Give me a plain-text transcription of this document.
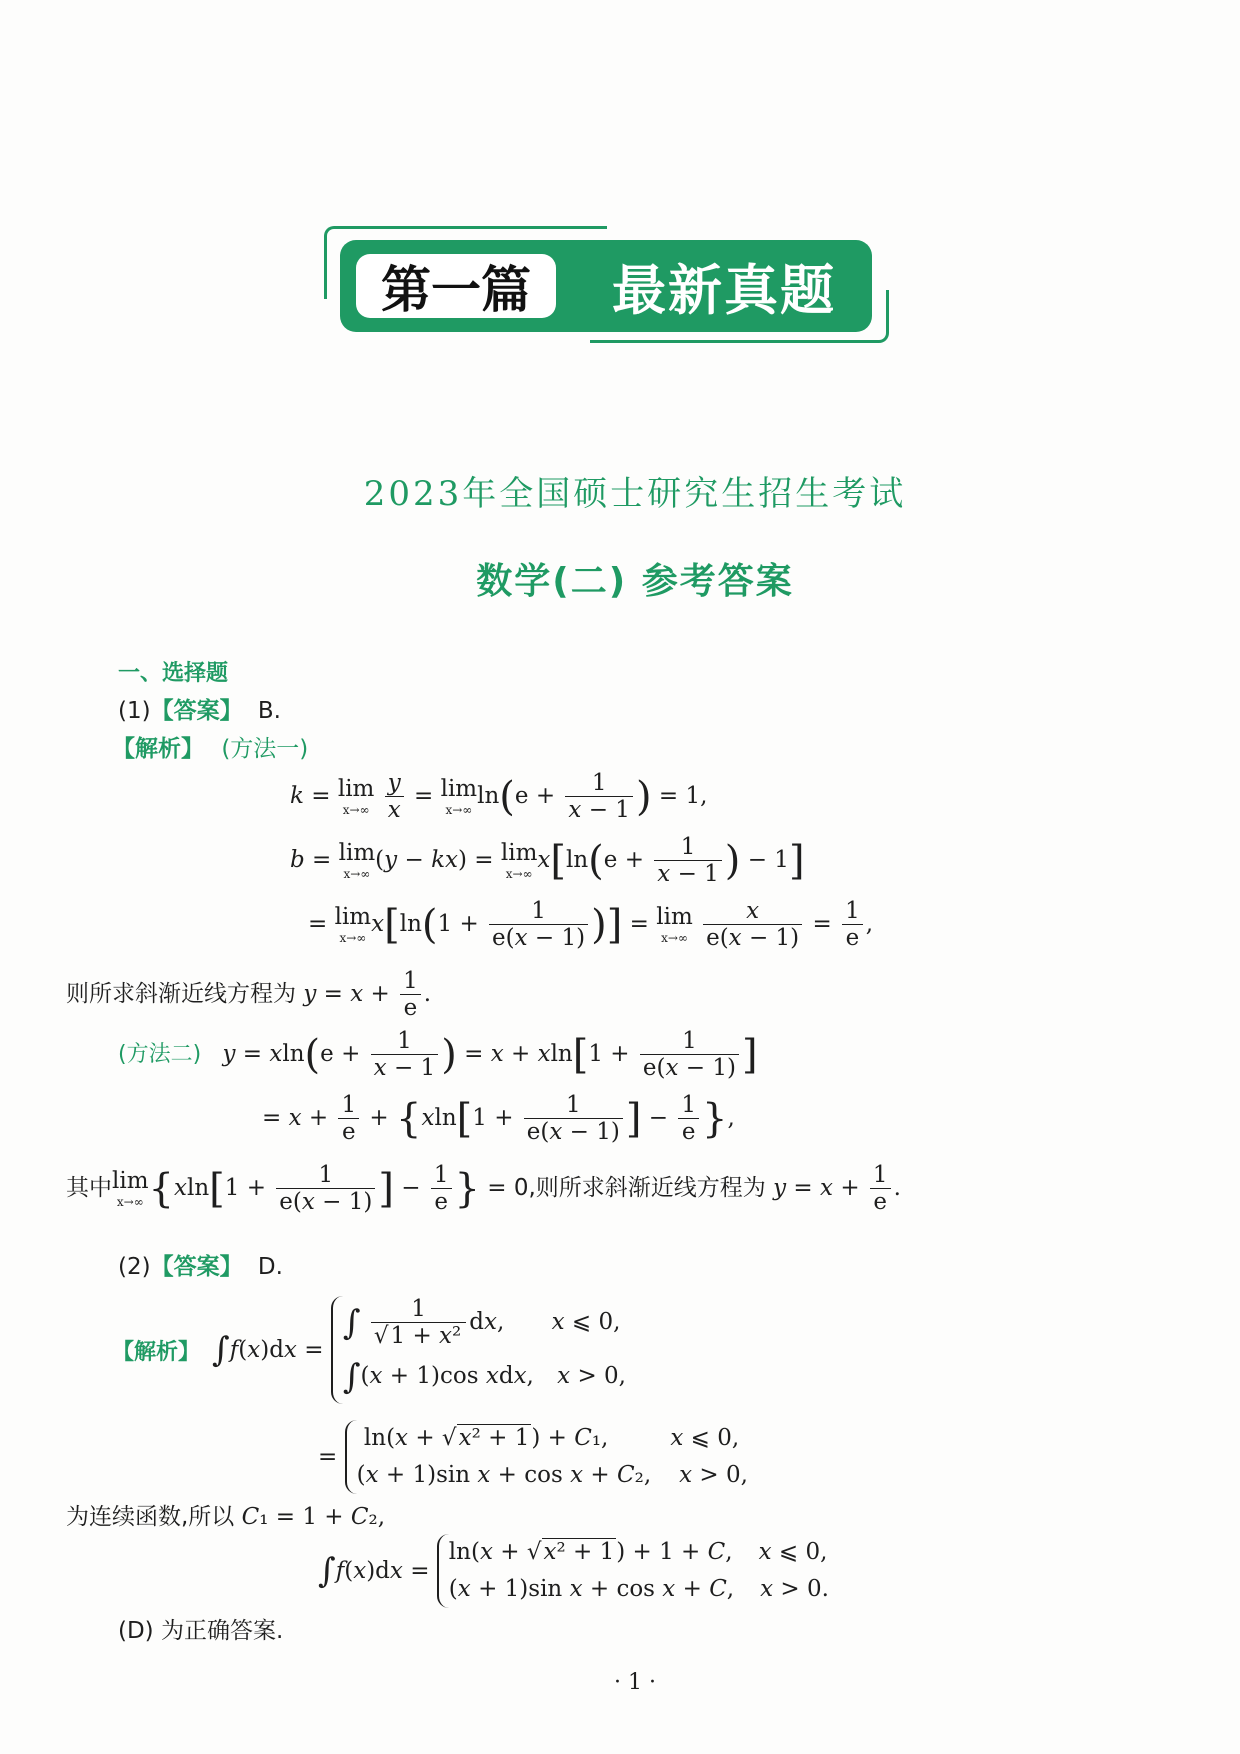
第一篇	最新真题
2023年全国硕士研究生招生考试
数学(二) 参考答案
一、选择题
(1)【答案】 B.
【解析】 (方法一)
k = lim
x→∞
$\frac{y}{x} = \lim$
x→∞
$\ln(e + \frac{1}{x - 1}$ ) = 1,
b = lim
x→∞
(y − kx) = lim
x→∞
$x[\ln(e + \frac{1}{x - 1}$ ) − 1]
= lim
x→∞
$x[\ln(1 + \frac{1}{e(x - 1)}$ )] = lim
x→∞
$\frac{x}{e(x - 1)} = \frac{1}{e}$ ,
则所求斜渐近线方程为 $y = x + \frac{1}{e}$ .
(方法二) $y = xln(e + \frac{1}{x - 1}$ ) = $x + xln[1 + \frac{1}{e(x - 1)}$ ]
= $x + \frac{1}{e} + \{xln[1 + \frac{1}{e(x - 1)}$ ] − $\frac{1}{e}$ },
其中lim
x→∞ {$xln[1 + \frac{1}{e(x - 1)}$ ] − $\frac{1}{e}$ } = 0,则所求斜渐近线方程为 $y = x + \frac{1}{e}$ .
(2)【答案】 D.
【解析】 ∫ f ( x )d x =
∫ $\frac{1}{\text{√1 + x²}}$ dx, x ⩽ 0,
∫(x + 1)cos xdx, x > 0,
=
ln(x + √x² + 1) + C₁,	x ⩽ 0,
(x + 1)sin x + cos x + C₂, x > 0,
为连续函数,所以 C₁ = 1 + C₂,
∫ f ( x )d x =
ln(x + √x² + 1) + 1 + C, x ⩽ 0,
(x + 1)sin x + cos x + C, x > 0.
(D) 为正确答案.
· 1 ·
